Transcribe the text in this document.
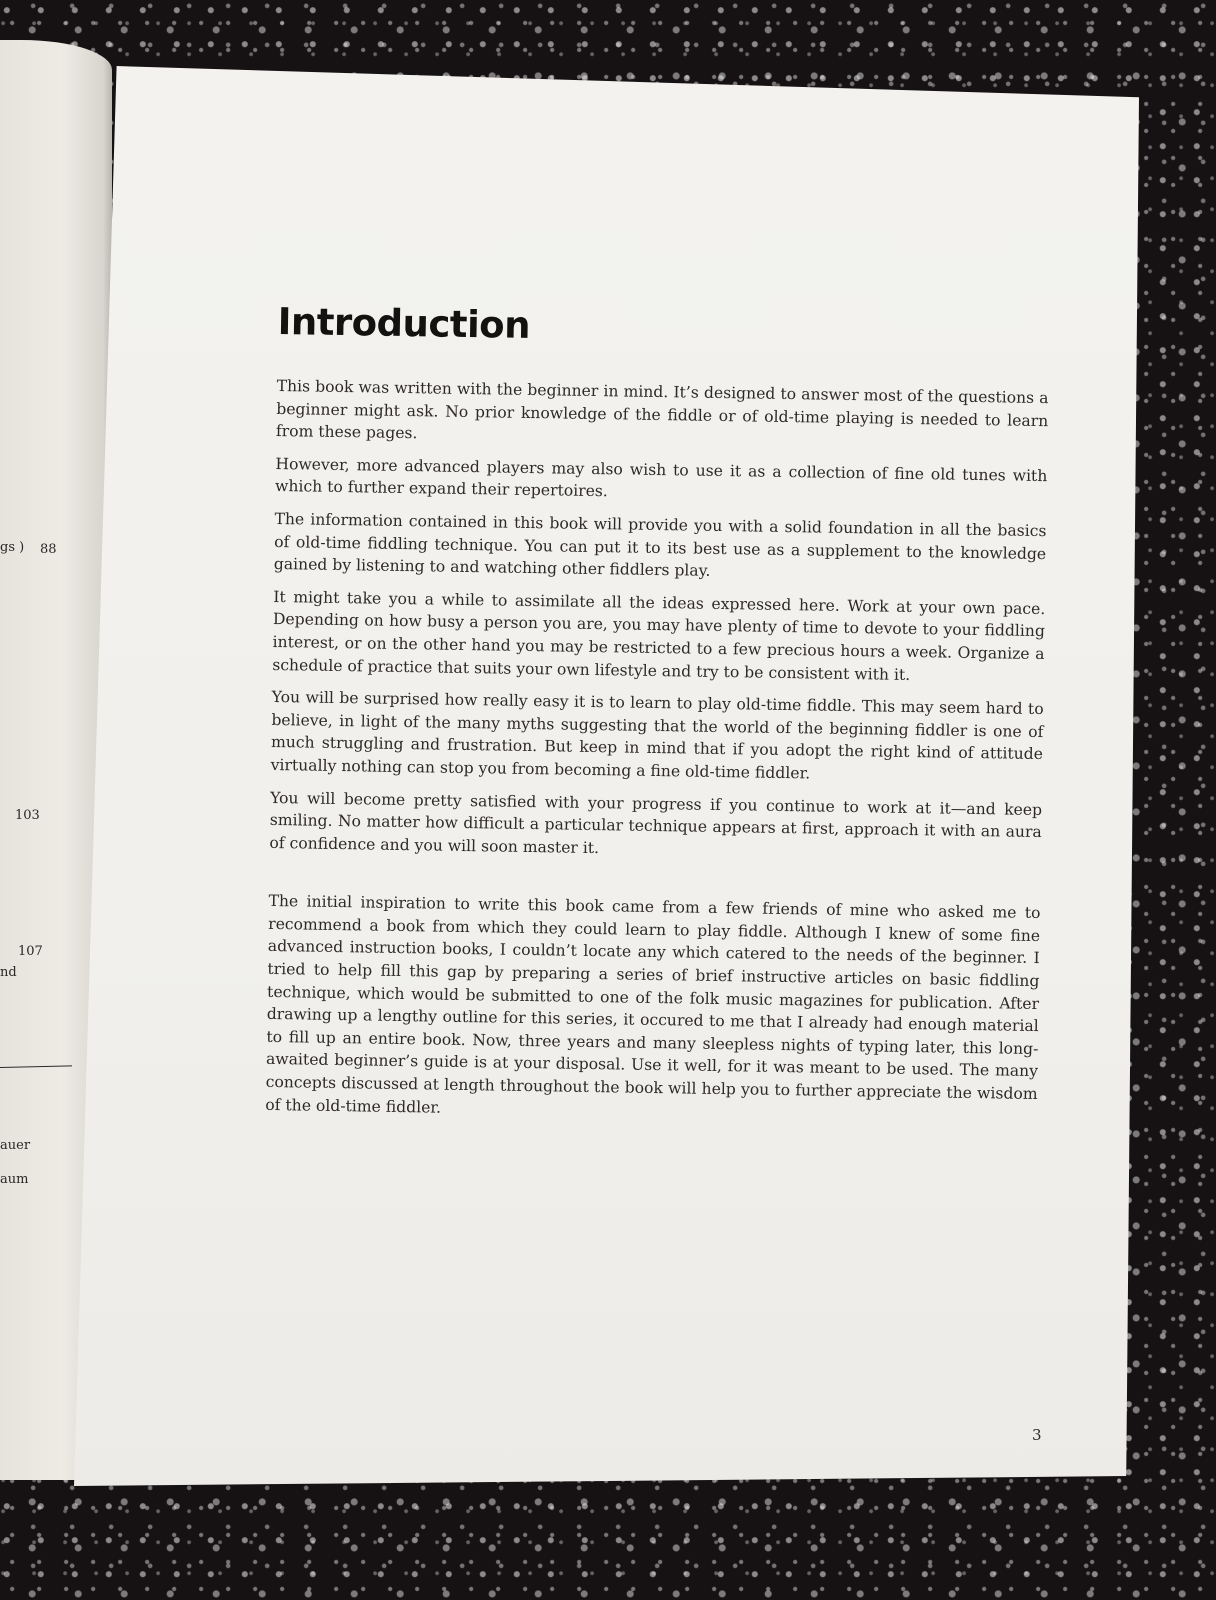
gs ) 88
103
107
nd
auer
aum
Introduction

This book was written with the beginner in mind. It’s designed to answer most of the questions a beginner might ask. No prior knowledge of the fiddle or of old-time playing is needed to learn from these pages.

However, more advanced players may also wish to use it as a collection of fine old tunes with which to further expand their repertoires.

The information contained in this book will provide you with a solid foundation in all the basics of old-time fiddling technique. You can put it to its best use as a supplement to the knowledge gained by listening to and watching other fiddlers play.

It might take you a while to assimilate all the ideas expressed here. Work at your own pace. Depending on how busy a person you are, you may have plenty of time to devote to your fiddling interest, or on the other hand you may be restricted to a few precious hours a week. Organize a schedule of practice that suits your own lifestyle and try to be consistent with it.

You will be surprised how really easy it is to learn to play old-time fiddle. This may seem hard to believe, in light of the many myths suggesting that the world of the beginning fiddler is one of much struggling and frustration. But keep in mind that if you adopt the right kind of attitude virtually nothing can stop you from becoming a fine old-time fiddler.

You will become pretty satisfied with your progress if you continue to work at it—and keep smiling. No matter how difficult a particular technique appears at first, approach it with an aura of confidence and you will soon master it.

The initial inspiration to write this book came from a few friends of mine who asked me to recommend a book from which they could learn to play fiddle. Although I knew of some fine advanced instruction books, I couldn’t locate any which catered to the needs of the beginner. I tried to help fill this gap by preparing a series of brief instructive articles on basic fiddling technique, which would be submitted to one of the folk music magazines for publication. After drawing up a lengthy outline for this series, it occured to me that I already had enough material to fill up an entire book. Now, three years and many sleepless nights of typing later, this long-awaited beginner’s guide is at your disposal. Use it well, for it was meant to be used. The many concepts discussed at length throughout the book will help you to further appreciate the wisdom of the old-time fiddler.

3
